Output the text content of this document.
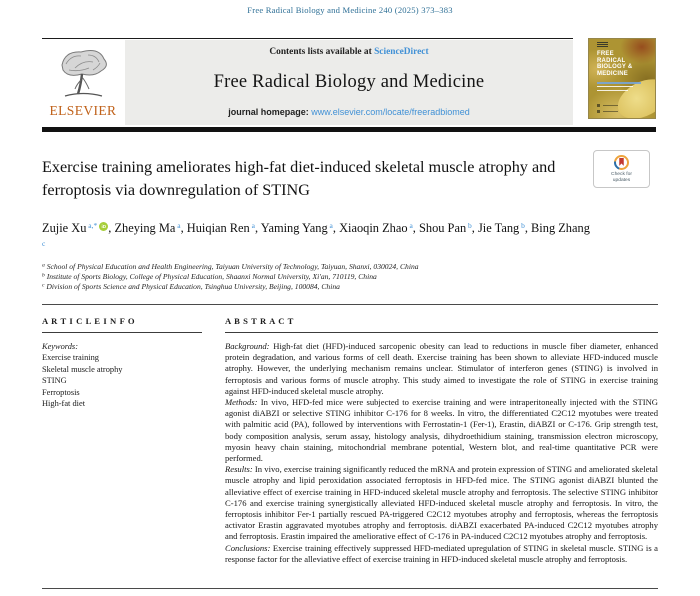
Free Radical Biology and Medicine 240 (2025) 373–383
ELSEVIER
Contents lists available at ScienceDirect
Free Radical Biology and Medicine
journal homepage: www.elsevier.com/locate/freeradbiomed
FREE
RADICAL
BIOLOGY &
MEDICINE
Exercise training ameliorates high-fat diet-induced skeletal muscle atrophy and ferroptosis via downregulation of STING
Check for
updates
Zujie Xu $^{a,*}$ iD , Zheying Ma $^a$, Huiqian Ren $^a$, Yaming Yang $^a$, Xiaoqin Zhao $^a$, Shou Pan $^b$, Jie Tang $^b$, Bing Zhang $^c$
$^a$ School of Physical Education and Health Engineering, Taiyuan University of Technology, Taiyuan, Shanxi, 030024, China
$^b$ Institute of Sports Biology, College of Physical Education, Shaanxi Normal University, Xi'an, 710119, China
$^c$ Division of Sports Science and Physical Education, Tsinghua University, Beijing, 100084, China
A R T I C L E I N F O
Keywords:
Exercise training
Skeletal muscle atrophy
STING
Ferroptosis
High-fat diet
A B S T R A C T

Background: High-fat diet (HFD)-induced sarcopenic obesity can lead to reductions in muscle fiber diameter, enhanced protein degradation, and various forms of cell death. Exercise training has been shown to alleviate HFD-induced muscle atrophy. However, the underlying mechanism remains unclear. Stimulator of interferon genes (STING) is involved in ferroptosis and various forms of muscle atrophy. This study aimed to investigate the role of STING in exercise training against HFD-induced skeletal muscle atrophy.

Methods: In vivo, HFD-fed mice were subjected to exercise training and were intraperitoneally injected with the STING agonist diABZI or selective STING inhibitor C-176 for 8 weeks. In vitro, the differentiated C2C12 myotubes were treated with palmitic acid (PA), followed by interventions with Ferrostatin-1 (Fer-1), Erastin, diABZI or C-176. Grip strength test, body composition analysis, serum assay, histology analysis, dihydroethidium staining, transmission electron microscopy, myosin heavy chain staining, mitochondrial membrane potential, Western blot, and real-time quantitative PCR were performed.

Results: In vivo, exercise training significantly reduced the mRNA and protein expression of STING and ameliorated skeletal muscle atrophy and lipid peroxidation associated ferroptosis in HFD-fed mice. The STING agonist diABZI blunted the alleviative effect of exercise training in HFD-induced skeletal muscle atrophy and ferroptosis. The selective STING inhibitor C-176 and exercise training synergistically alleviated HFD-induced skeletal muscle atrophy and ferroptosis. In vitro, the ferroptosis inhibitor Fer-1 partially rescued PA-triggered C2C12 myotubes atrophy and ferroptosis, whereas the ferroptosis activator Erastin aggravated myotubes atrophy and ferroptosis. diABZI exacerbated PA-induced C2C12 myotubes atrophy and ferroptosis. Erastin impaired the ameliorative effect of C-176 in PA-induced C2C12 myotubes atrophy and ferroptosis.

Conclusions: Exercise training effectively suppressed HFD-mediated upregulation of STING in skeletal muscle. STING is a response factor for the alleviative effect of exercise training in HFD-induced skeletal muscle atrophy and ferroptosis.
